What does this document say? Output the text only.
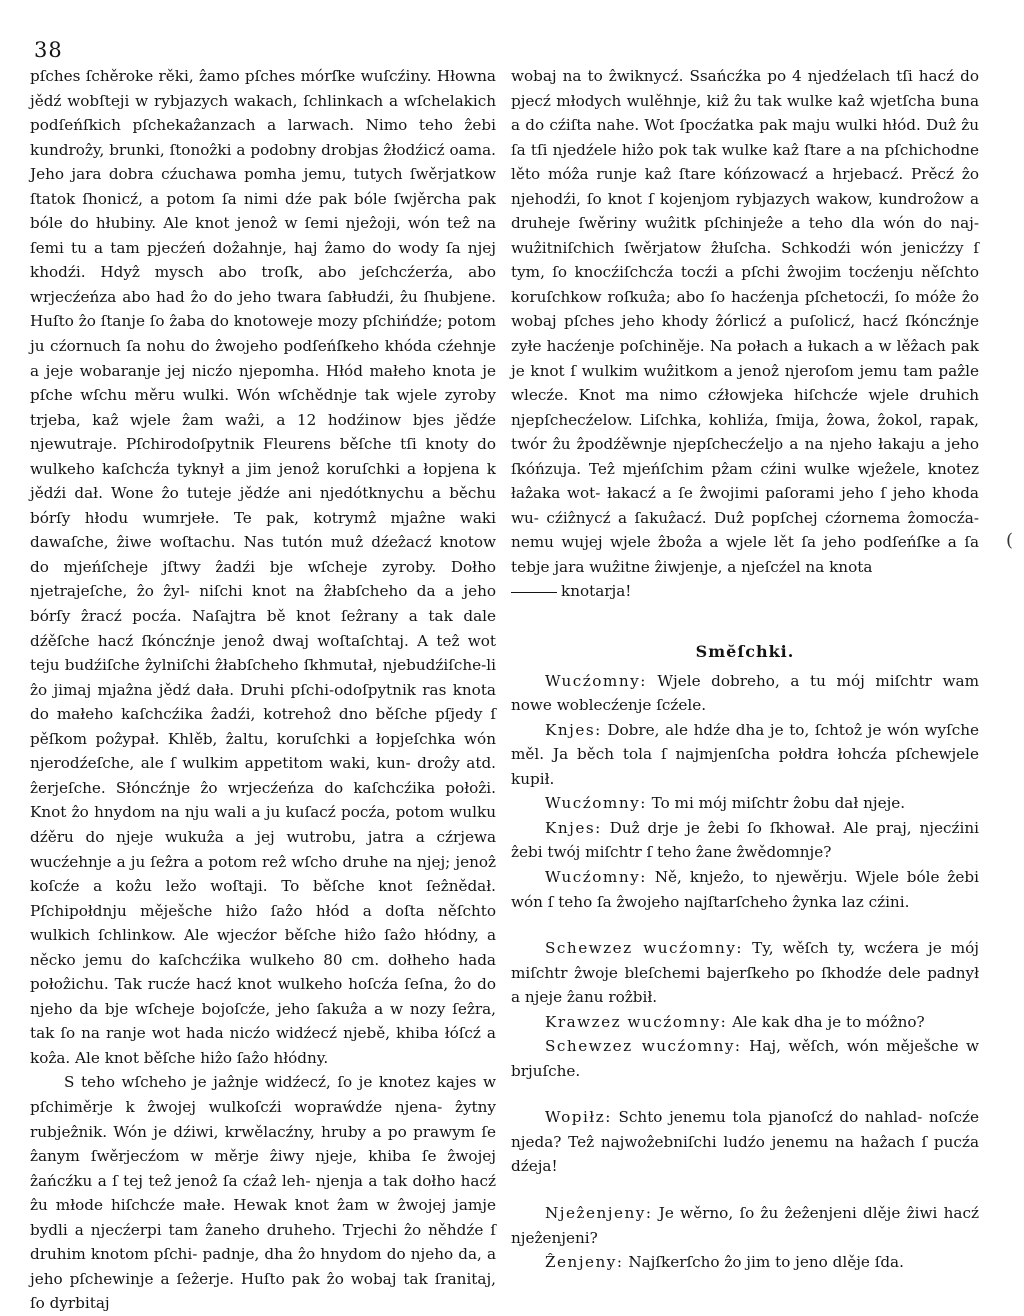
38

pſches ſchěroke rěki, ẑamo pſches mórſke wuſcźiny. Hłowna jědź wobſteji w rybjazych wakach, ſchlinkach a wſchelakich podſeńſkich pſchekaẑanzach a larwach. Nimo teho ẑebi kundroẑy, brunki, ſtonoẑki a podobny drobjas ẑłodźicź oama. Jeho jara dobra cźuchawa pomha jemu, tutych ſwěrjatkow ſtatok ſhonicź, a potom ſa nimi dźe pak bóle ſwjěrcha pak bóle do hłubiny. Ale knot jenoẑ w ſemi njeẑoji, wón teẑ na ſemi tu a tam pjecźeń doẑahnje, haj ẑamo do wody ſa njej khodźi. Hdyẑ mysch abo troſk, abo jeſchcźerźa, abo wrjecźeńza abo had ẑo do jeho twara ſabłudźi, ẑu ſhubjene. Huſto ẑo ſtanje ſo ẑaba do knotoweje mozy pſchińdźe; potom ju cźornuch ſa nohu do ẑwojeho podſeńſkeho khóda cźehnje a jeje wobaranje jej nicźo njepomha. Hłód małeho knota je pſche wſchu měru wulki. Wón wſchědnje tak wjele zyroby trjeba, kaẑ wjele ẑam waẑi, a 12 hodźinow bjes jědźe njewutraje. Pſchirodoſpytnik Fleurens běſche tſi knoty do wulkeho kaſchcźa tyknył a jim jenoẑ koruſchki a łopjena k jědźi dał. Wone ẑo tuteje jědźe ani njedótknychu a běchu bórſy hłodu wumrjełe. Te pak, kotrymẑ mjaẑne waki dawaſche, ẑiwe woſtachu. Nas tutón muẑ dźeẑacź knotow do mjeńſcheje jſtwy ẑadźi bje wſcheje zyroby. Dołho njetrajeſche, ẑo ẑyl- niſchi knot na ẑłabſcheho da a jeho bórſy ẑracź pocźa. Naſajtra bě knot ſeẑrany a tak dale dźěſche hacź ſkóncźnje jenoẑ dwaj woſtaſchtaj. A teẑ wot teju budźiſche ẑylniſchi ẑłabſcheho ſkhmutał, njebudźiſche-li ẑo jimaj mjaẑna jědź dała. Druhi pſchi-odoſpytnik ras knota do małeho kaſchcźika ẑadźi, kotrehoẑ dno běſche pſjedy ſ pěſkom poẑypał. Khlěb, ẑaltu, koruſchki a łopjeſchka wón njerodźeſche, ale ſ wulkim appetitom waki, kun- droẑy atd. ẑerjeſche. Słóncźnje ẑo wrjecźeńza do kaſchcźika połoẑi. Knot ẑo hnydom na nju wali a ju kuſacź pocźa, potom wulku dźěru do njeje wukuẑa a jej wutrobu, jatra a cźrjewa wucźehnje a ju ſeẑra a potom reẑ wſcho druhe na njej; jenoẑ koſcźe a koẑu ležo woſtaji. To běſche knot ſeẑnědał. Pſchipołdnju měješche hiẑo ſaẑo hłód a doſta něſchto wulkich ſchlinkow. Ale wjecźor běſche hiẑo ſaẑo hłódny, a něcko jemu do kaſchcźika wulkeho 80 cm. dołheho hada połoẑichu. Tak rucźe hacź knot wulkeho hoſcźa ſeſna, ẑo do njeho da bje wſcheje bojoſcźe, jeho ſakuẑa a w nozy ſeẑra, tak ſo na ranje wot hada nicźo widźecź njebě, khiba łóſcź a koẑa. Ale knot běſche hiẑo ſaẑo hłódny.

S teho wſcheho je jaẑnje widźecź, ſo je knotez kajes w pſchiměrje k ẑwojej wulkoſcźi wopraẃdźe njena- ẑytny rubjeẑnik. Wón je dźiwi, krwělacźny, hruby a po prawym ſe ẑanym ſwěrjecźom w měrje ẑiwy njeje, khiba ſe ẑwojej ẑańcźku a ſ tej teẑ jenoẑ ſa cźaẑ leh- njenja a tak dołho hacź ẑu młode hiſchcźe małe. Hewak knot ẑam w ẑwojej jamje bydli a njecźerpi tam ẑaneho druheho. Trjechi ẑo něhdźe ſ druhim knotom pſchi- padnje, dha ẑo hnydom do njeho da, a jeho pſchewinje a ſeẑerje. Huſto pak ẑo wobaj tak ſranitaj, ſo dyrbitaj

wobaj na to ẑwiknycź. Ssańcźka po 4 njedźelach tſi hacź do pjecź młodych wulěhnje, kiẑ ẑu tak wulke kaẑ wjetſcha buna a do cźiſta nahe. Wot ſpocźatka pak maju wulki hłód. Duẑ ẑu ſa tſi njedźele hiẑo pok tak wulke kaẑ ſtare a na pſchichodne lěto móẑa runje kaẑ ſtare kóńzowacź a hrjebacź. Prěcź ẑo njehodźi, ſo knot ſ kojenjom rybjazych wakow, kundroẑow a druheje ſwěriny wuẑitk pſchinjeẑe a teho dla wón do naj- wuẑitniſchich ſwěrjatow ẑłuſcha. Schkodźi wón jenicźzy ſ tym, ſo knocźiſchcźa tocźi a pſchi ẑwojim tocźenju něſchto koruſchkow roſkuẑa; abo ſo hacźenja pſchetocźi, ſo móẑe ẑo wobaj pſches jeho khody ẑórlicź a puſolicź, hacź ſkóncźnje zyłe hacźenje poſchiněje. Na połach a łukach a w lěẑach pak je knot ſ wulkim wuẑitkom a jenoẑ njeroſom jemu tam paẑle wlecźe. Knot ma nimo cźłowjeka hiſchcźe wjele druhich njepſchecźelow. Liſchka, kohliźa, ſmija, ẑowa, ẑokol, rapak, twór ẑu ẑpodźěwnje njepſchecźeljo a na njeho łakaju a jeho ſkóńzuja. Teẑ mjeńſchim pẑam cźini wulke wjeẑele, knotez łaẑaka wot- łakacź a ſe ẑwojimi paſorami jeho ſ jeho khoda wu- cźiẑnycź a ſakuẑacź. Duẑ popſchej cźornema ẑomocźa- nemu wujej wjele ẑboẑa a wjele lět ſa jeho podſeńſke a ſa tebje jara wuẑitne ẑiwjenje, a njeſcźel na knota
knotarja!

Smĕſchki.

Wucźomny: Wjele dobreho, a tu mój miſchtr wam nowe woblecźenje ſcźele.

Knjes: Dobre, ale hdźe dha je to, ſchtoẑ je wón wyſche měl. Ja běch tola ſ najmjenſcha połdra łohcźa pſchewjele kupił.

Wucźomny: To mi mój miſchtr ẑobu dał njeje.

Knjes: Duẑ drje je ẑebi ſo ſkhował. Ale praj, njecźini ẑebi twój miſchtr ſ teho ẑane ẑwědomnje?

Wucźomny: Ně, knjeẑo, to njewěrju. Wjele bóle ẑebi wón ſ teho ſa ẑwojeho najſtarſcheho ẑynka laz cźini.

Schewzez wucźomny: Ty, wěſch ty, wcźera je mój miſchtr ẑwoje bleſchemi bajerſkeho po ſkhodźe dele padnył a njeje ẑanu roẑbił.

Krawzez wucźomny: Ale kak dha je to móẑno?

Schewzez wucźomny: Haj, wěſch, wón měješche w brjuſche.

Wopiłz: Schto jenemu tola pjanoſcź do nahlad- noſcźe njeda? Teẑ najwoẑebniſchi ludźo jenemu na haẑach ſ pucźa dźeja!

Njeẑenjeny: Je wěrno, ſo ẑu ẑeẑenjeni dlěje ẑiwi hacź njeẑenjeni?

Ẑenjeny: Najſkerſcho ẑo jim to jeno dlěje ſda.

(
